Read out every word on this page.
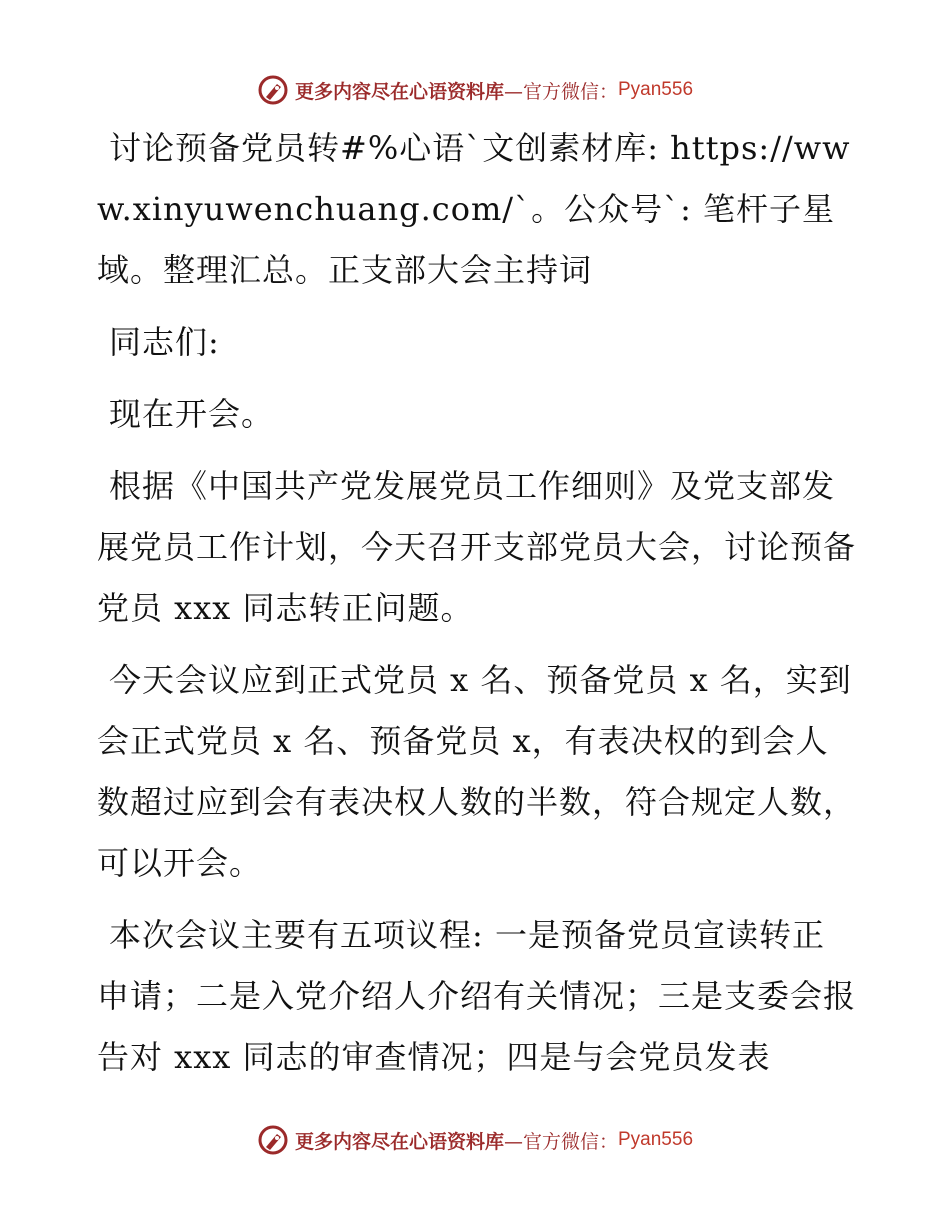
更多内容尽在心语资料库 —官方微信： Pyan556

讨论预备党员转#%心语`文创素材库: https://www.xinyuwenchuang.com/`。公众号`: 笔杆子星域。整理汇总。正支部大会主持词

同志们:

现在开会。

根据《中国共产党发展党员工作细则》及党支部发展党员工作计划，今天召开支部党员大会，讨论预备党员 xxx 同志转正问题。

今天会议应到正式党员 x 名、预备党员 x 名，实到会正式党员 x 名、预备党员 x，有表决权的到会人数超过应到会有表决权人数的半数，符合规定人数，可以开会。

本次会议主要有五项议程: 一是预备党员宣读转正申请；二是入党介绍人介绍有关情况；三是支委会报告对 xxx 同志的审查情况；四是与会党员发表

更多内容尽在心语资料库 —官方微信： Pyan556
